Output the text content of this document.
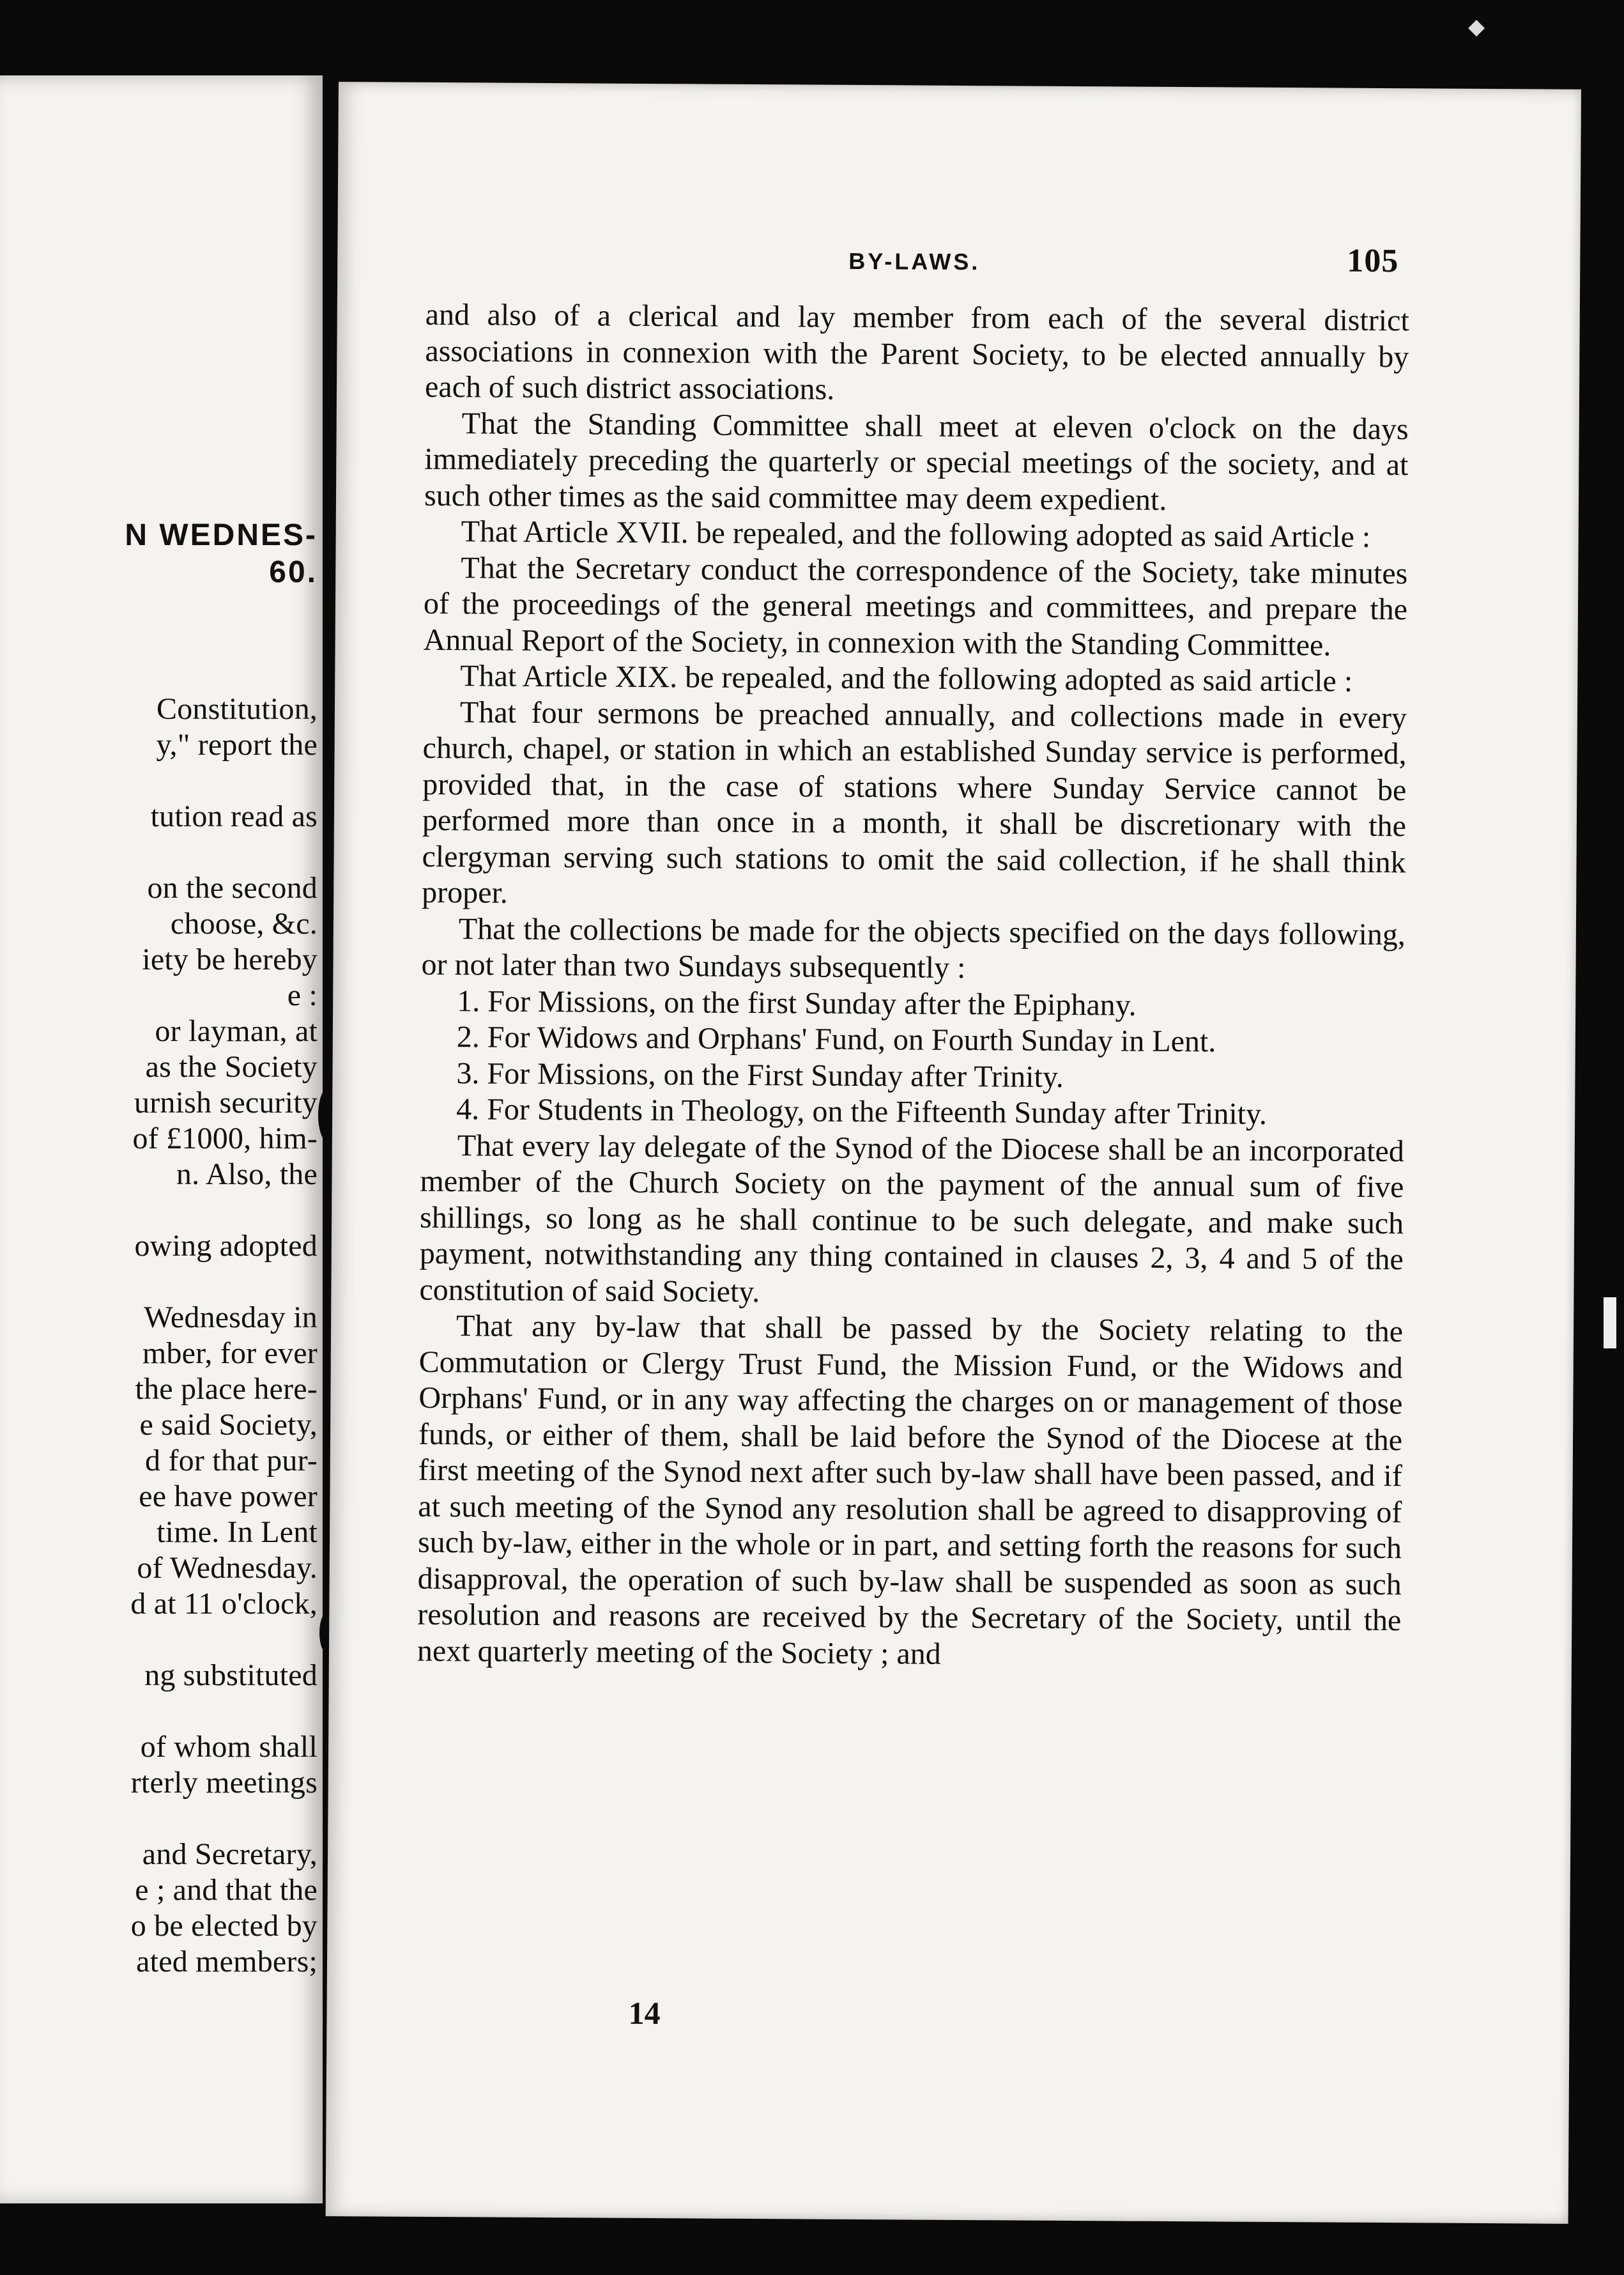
N WEDNES-
60.
Constitution,
y," report the
tution read as
on the second
choose, &c.
iety be hereby
e :
or layman, at
as the Society
urnish security
of £1000, him-
n. Also, the
owing adopted
Wednesday in
mber, for ever
the place here-
e said Society,
d for that pur-
ee have power
time. In Lent
of Wednesday.
d at 11 o'clock,
ng substituted
of whom shall
rterly meetings
and Secretary,
e ; and that the
o be elected by
ated members;
BY-LAWS.	105

and also of a clerical and lay member from each of the several district associations in connexion with the Parent Society, to be elected annually by each of such district associations.

That the Standing Committee shall meet at eleven o'clock on the days immediately preceding the quarterly or special meetings of the society, and at such other times as the said committee may deem expedient.

That Article XVII. be repealed, and the following adopted as said Article :

That the Secretary conduct the correspondence of the Society, take minutes of the proceedings of the general meetings and committees, and prepare the Annual Report of the Society, in connexion with the Standing Committee.

That Article XIX. be repealed, and the following adopted as said article :

That four sermons be preached annually, and collections made in every church, chapel, or station in which an established Sunday service is performed, provided that, in the case of stations where Sunday Service cannot be performed more than once in a month, it shall be discretionary with the clergyman serving such stations to omit the said collection, if he shall think proper.

That the collections be made for the objects specified on the days following, or not later than two Sundays subsequently :

1. For Missions, on the first Sunday after the Epiphany.

2. For Widows and Orphans' Fund, on Fourth Sunday in Lent.

3. For Missions, on the First Sunday after Trinity.

4. For Students in Theology, on the Fifteenth Sunday after Trinity.

That every lay delegate of the Synod of the Diocese shall be an incorporated member of the Church Society on the payment of the annual sum of five shillings, so long as he shall continue to be such delegate, and make such payment, notwithstanding any thing contained in clauses 2, 3, 4 and 5 of the constitution of said Society.

That any by-law that shall be passed by the Society relating to the Commutation or Clergy Trust Fund, the Mission Fund, or the Widows and Orphans' Fund, or in any way affecting the charges on or management of those funds, or either of them, shall be laid before the Synod of the Diocese at the first meeting of the Synod next after such by-law shall have been passed, and if at such meeting of the Synod any resolution shall be agreed to disapproving of such by-law, either in the whole or in part, and setting forth the reasons for such disapproval, the operation of such by-law shall be suspended as soon as such resolution and reasons are received by the Secretary of the Society, until the next quarterly meeting of the Society ; and

14
◆
